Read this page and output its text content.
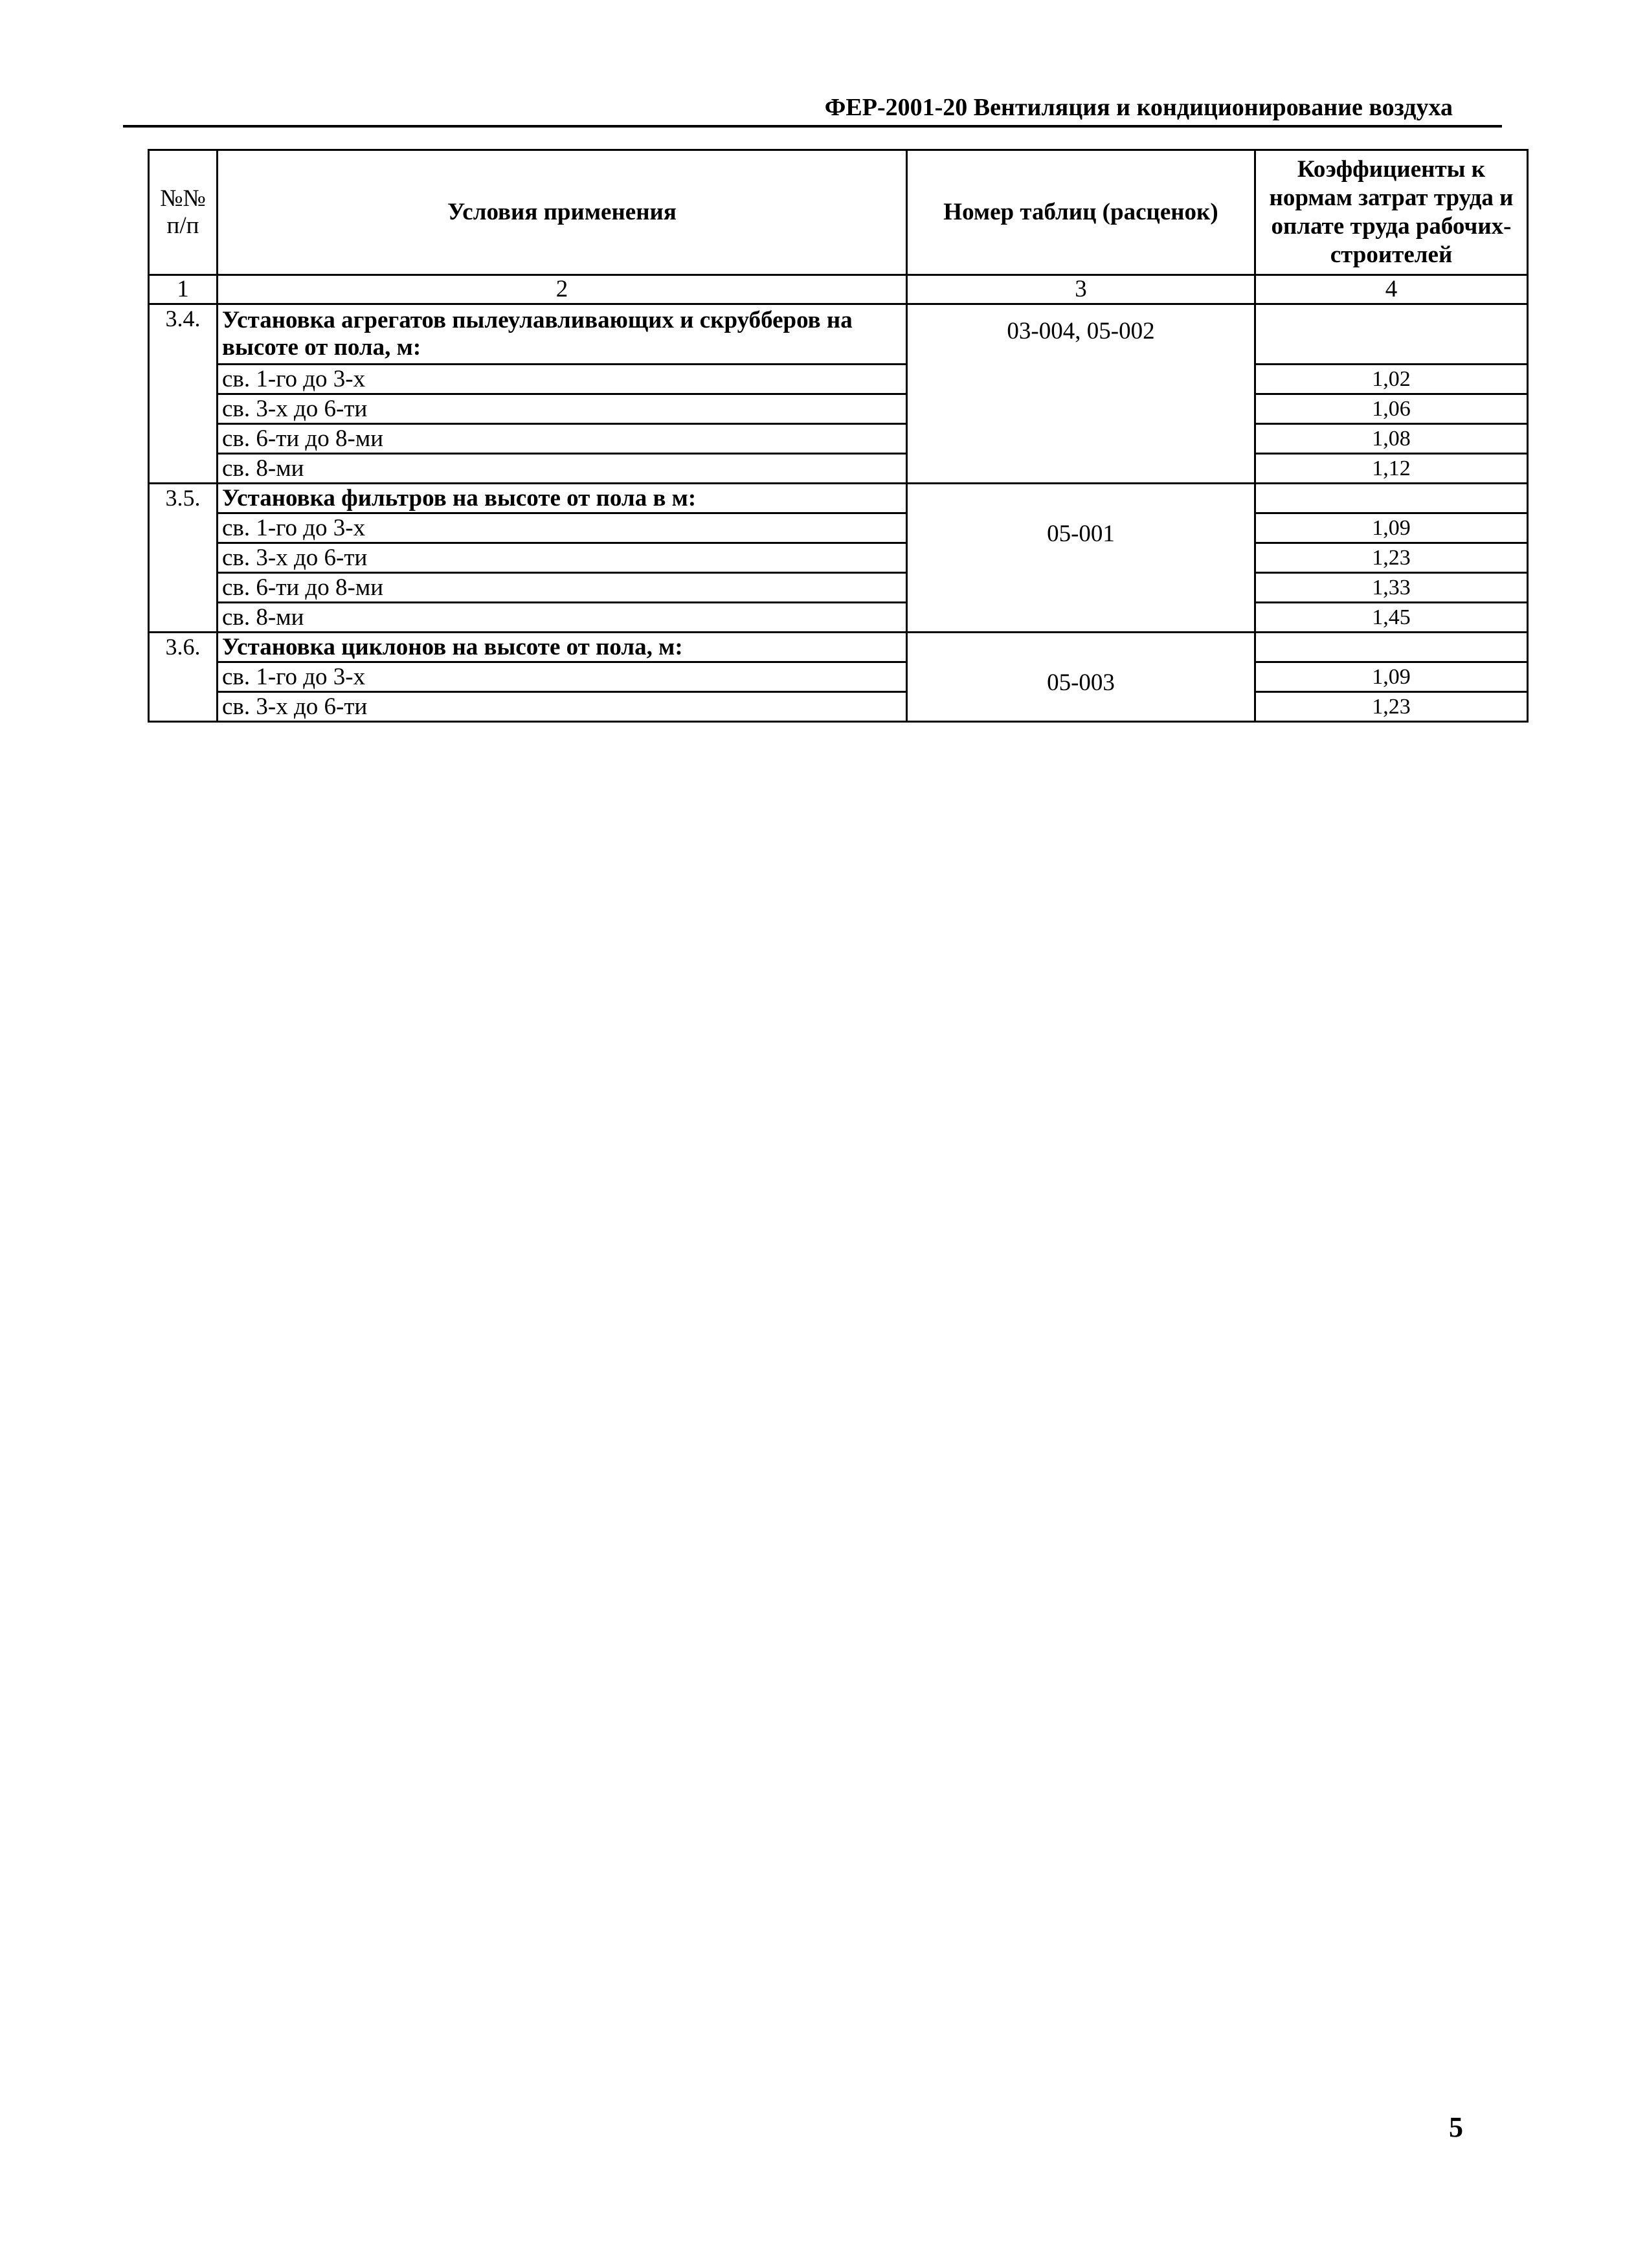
ФЕР-2001-20 Вентиляция и кондиционирование воздуха
№№ п/п	Условия применения	Номер таблиц (расценок)	Коэффициенты к нормам затрат труда и оплате труда рабочих-строителей
1	2	3	4
3.4.	Установка агрегатов пылеулавливающих и скрубберов на высоте от пола, м:	03-004, 05-002	
	св. 1-го до 3-х		1,02
	св. 3-х до 6-ти		1,06
	св. 6-ти до 8-ми		1,08
	св. 8-ми		1,12
3.5.	Установка фильтров на высоте от пола в м:	05-001	
	св. 1-го до 3-х		1,09
	св. 3-х до 6-ти		1,23
	св. 6-ти до 8-ми		1,33
	св. 8-ми		1,45
3.6.	Установка циклонов на высоте от пола, м:	05-003	
	св. 1-го до 3-х		1,09
	св. 3-х до 6-ти		1,23
5
